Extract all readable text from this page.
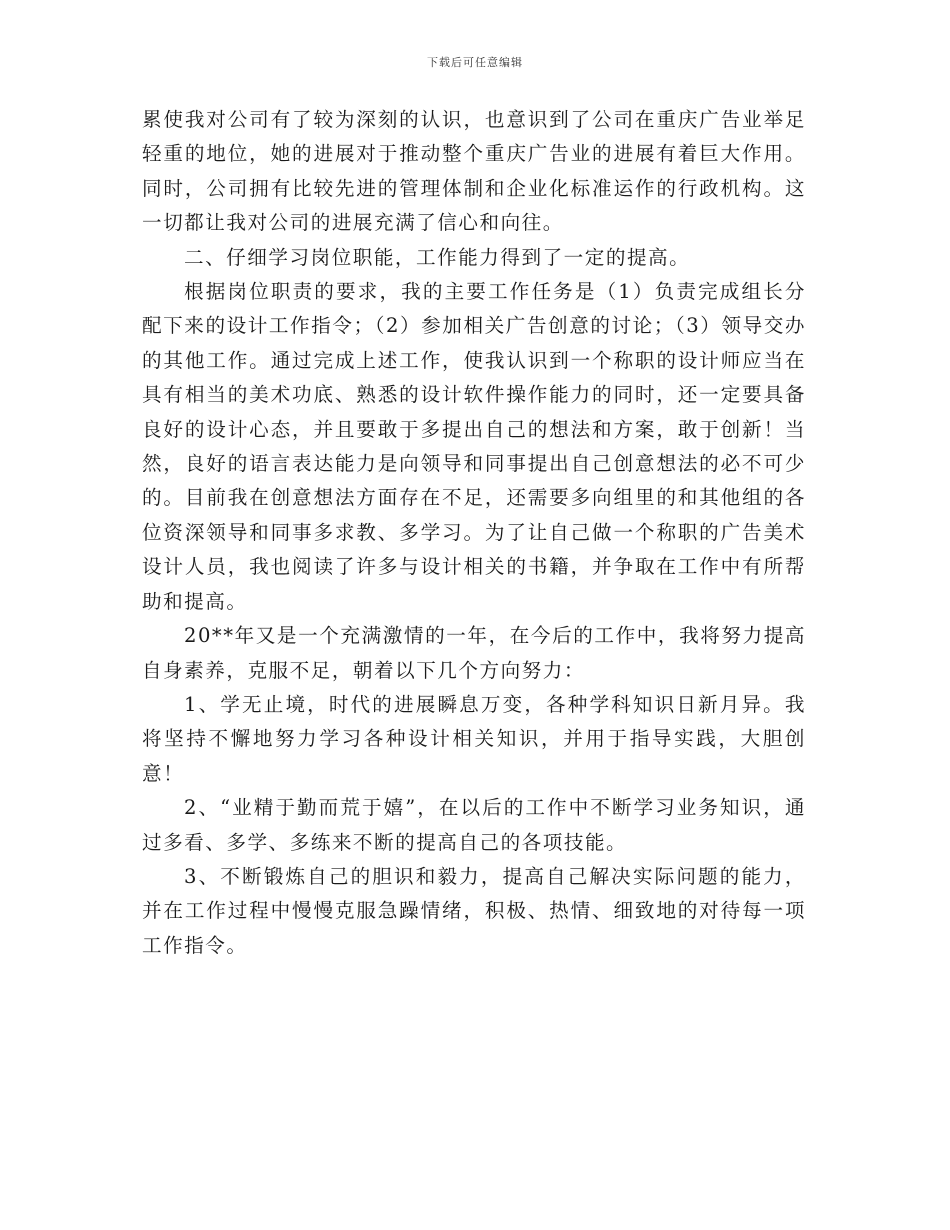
下载后可任意编辑

累使我对公司有了较为深刻的认识，也意识到了公司在重庆广告业举足轻重的地位，她的进展对于推动整个重庆广告业的进展有着巨大作用。同时，公司拥有比较先进的管理体制和企业化标准运作的行政机构。这一切都让我对公司的进展充满了信心和向往。

二、仔细学习岗位职能，工作能力得到了一定的提高。

根据岗位职责的要求，我的主要工作任务是（1）负责完成组长分配下来的设计工作指令；（2）参加相关广告创意的讨论；（3）领导交办的其他工作。通过完成上述工作，使我认识到一个称职的设计师应当在具有相当的美术功底、熟悉的设计软件操作能力的同时，还一定要具备良好的设计心态，并且要敢于多提出自己的想法和方案，敢于创新！当然，良好的语言表达能力是向领导和同事提出自己创意想法的必不可少的。目前我在创意想法方面存在不足，还需要多向组里的和其他组的各位资深领导和同事多求教、多学习。为了让自己做一个称职的广告美术设计人员，我也阅读了许多与设计相关的书籍，并争取在工作中有所帮助和提高。

20**年又是一个充满激情的一年，在今后的工作中，我将努力提高自身素养，克服不足，朝着以下几个方向努力：

1、学无止境，时代的进展瞬息万变，各种学科知识日新月异。我将坚持不懈地努力学习各种设计相关知识，并用于指导实践，大胆创意！

2、“业精于勤而荒于嬉”，在以后的工作中不断学习业务知识，通过多看、多学、多练来不断的提高自己的各项技能。

3、不断锻炼自己的胆识和毅力，提高自己解决实际问题的能力，并在工作过程中慢慢克服急躁情绪，积极、热情、细致地的对待每一项工作指令。
